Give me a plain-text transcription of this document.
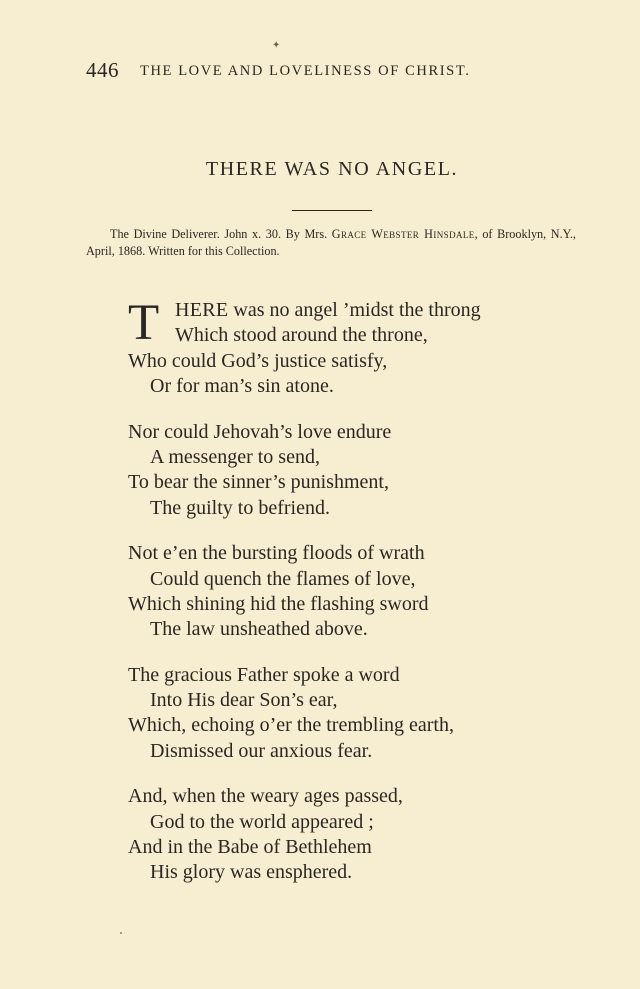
✦
446 THE LOVE AND LOVELINESS OF CHRIST.
THERE WAS NO ANGEL.
The Divine Deliverer. John x. 30. By Mrs. Grace Webster Hinsdale, of Brooklyn, N.Y., April, 1868. Written for this Collection.
T HERE was no angel ’midst the throng
Which stood around the throne,
Who could God’s justice satisfy,
Or for man’s sin atone.
Nor could Jehovah’s love endure
A messenger to send,
To bear the sinner’s punishment,
The guilty to befriend.
Not e’en the bursting floods of wrath
Could quench the flames of love,
Which shining hid the flashing sword
The law unsheathed above.
The gracious Father spoke a word
Into His dear Son’s ear,
Which, echoing o’er the trembling earth,
Dismissed our anxious fear.
And, when the weary ages passed,
God to the world appeared ;
And in the Babe of Bethlehem
His glory was ensphered.
